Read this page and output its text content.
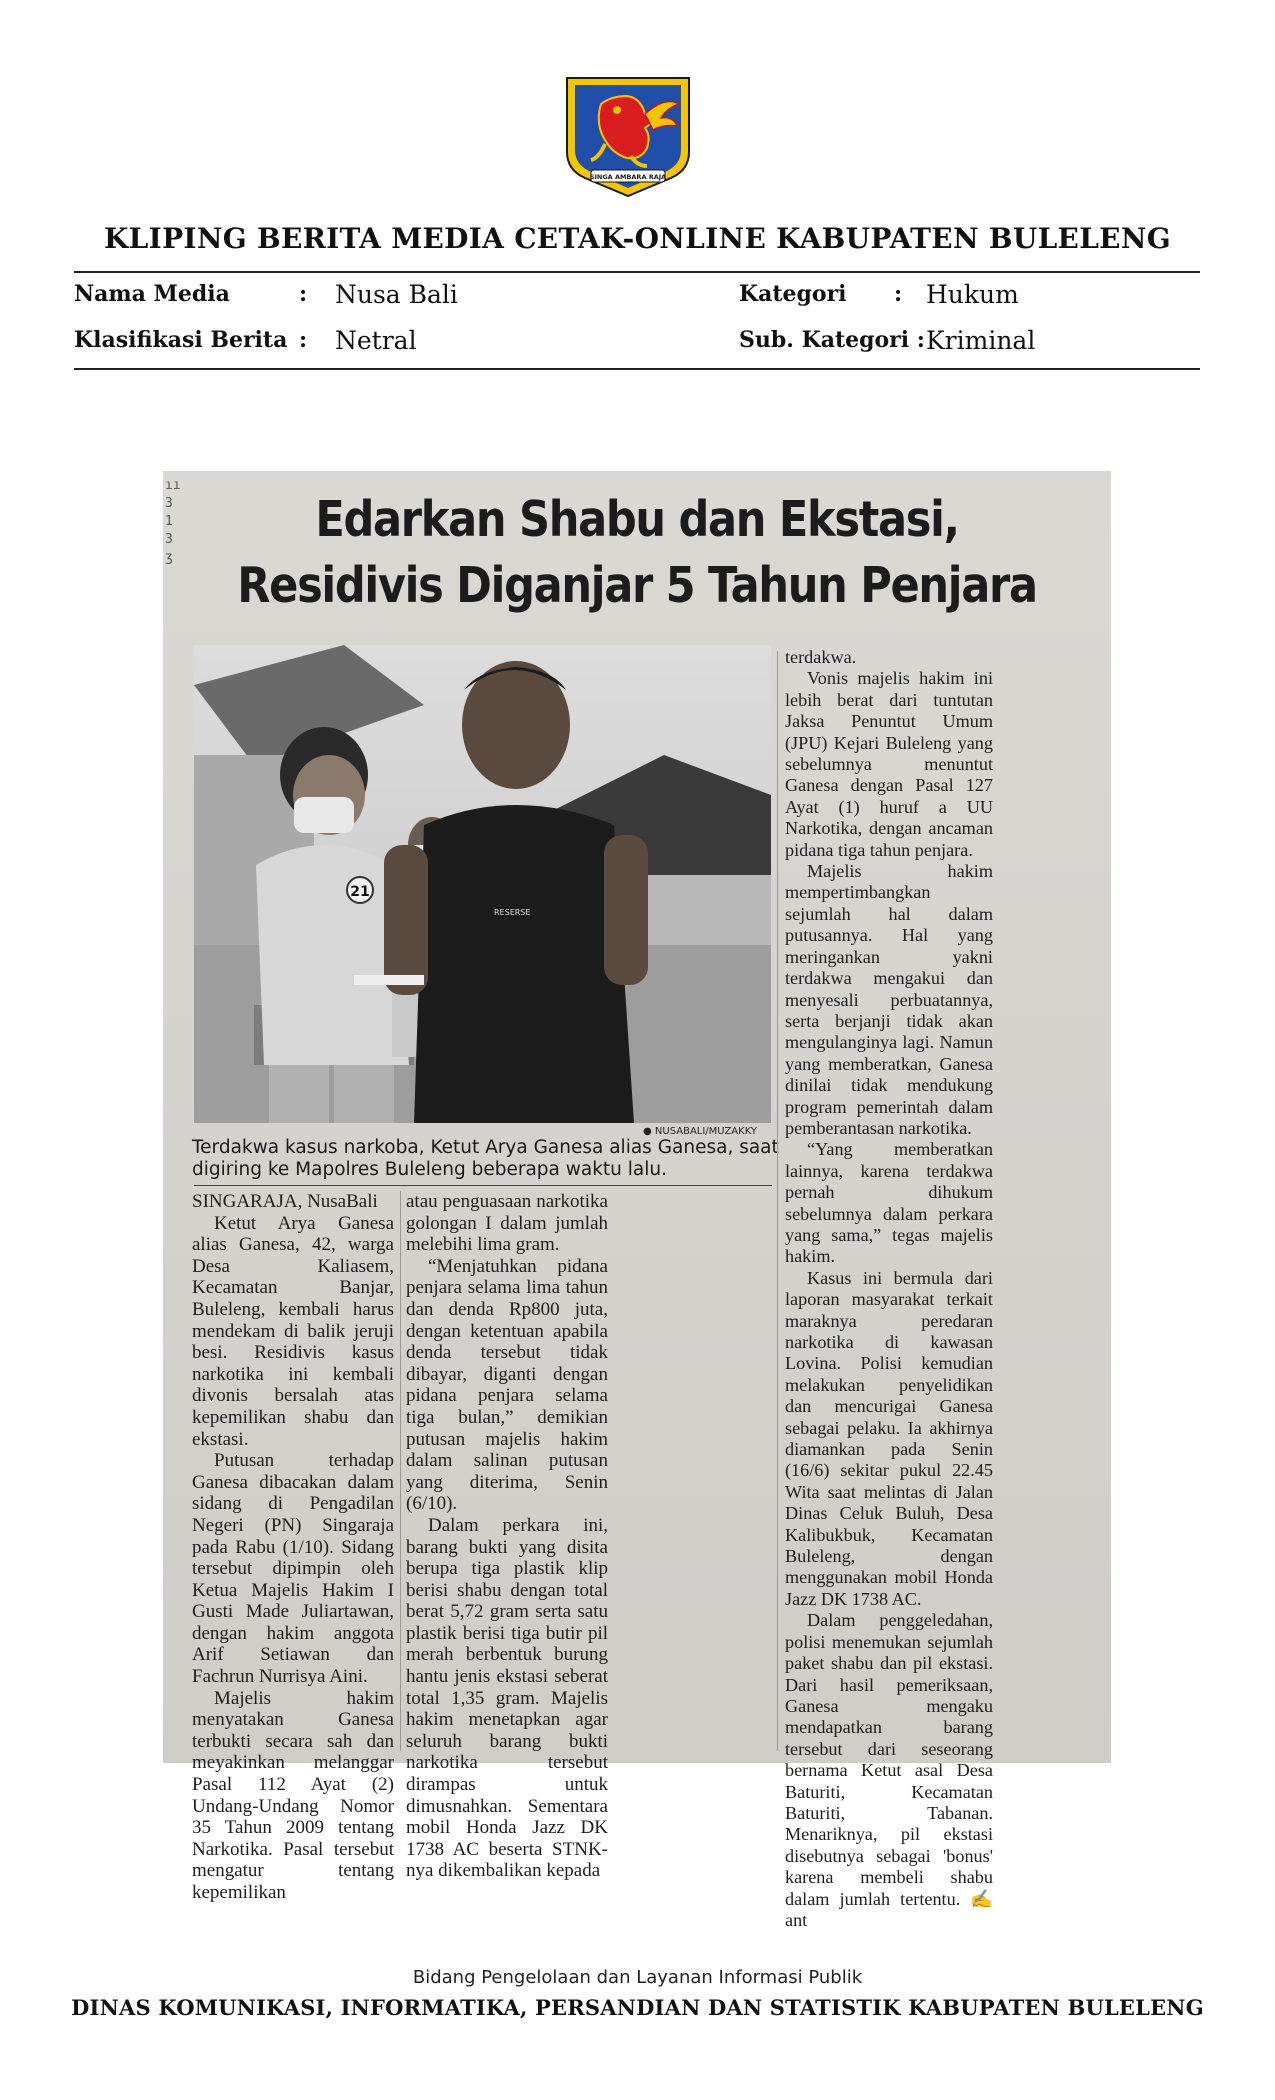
SINGA AMBARA RAJA
KLIPING BERITA MEDIA CETAK-ONLINE KABUPATEN BULELENG
Nama Media	: Nusa Bali	Kategori : Hukum
Klasifikasi Berita : Netral	Sub. Kategori : Kriminal
ıı
3
1
3
ʒ
Edarkan Shabu dan Ekstasi,
Residivis Diganjar 5 Tahun Penjara
21
RESERSE
● NUSABALI/MUZAKKY
Terdakwa kasus narkoba, Ketut Arya Ganesa alias Ganesa, saat digiring ke Mapolres Buleleng beberapa waktu lalu.

SINGARAJA, NusaBali

Ketut Arya Ganesa alias Ganesa, 42, warga Desa Kaliasem, Kecamatan Banjar, Buleleng, kembali harus mendekam di balik jeruji besi. Residivis kasus narkotika ini kembali divonis bersalah atas kepemilikan shabu dan ekstasi.

Putusan terhadap Ganesa dibacakan dalam sidang di Pengadilan Negeri (PN) Singaraja pada Rabu (1/10). Sidang tersebut dipimpin oleh Ketua Majelis Hakim I Gusti Made Juliartawan, dengan hakim anggota Arif Setiawan dan Fachrun Nurrisya Aini.

Majelis hakim menyatakan Ganesa terbukti secara sah dan meyakinkan melanggar Pasal 112 Ayat (2) Undang-Undang Nomor 35 Tahun 2009 tentang Narkotika. Pasal tersebut mengatur tentang kepemilikan

atau penguasaan narkotika golongan I dalam jumlah melebihi lima gram.

“Menjatuhkan pidana penjara selama lima tahun dan denda Rp800 juta, dengan ketentuan apabila denda tersebut tidak dibayar, diganti dengan pidana penjara selama tiga bulan,” demikian putusan majelis hakim dalam salinan putusan yang diterima, Senin (6/10).

Dalam perkara ini, barang bukti yang disita berupa tiga plastik klip berisi shabu dengan total berat 5,72 gram serta satu plastik berisi tiga butir pil merah berbentuk burung hantu jenis ekstasi seberat total 1,35 gram. Majelis hakim menetapkan agar seluruh barang bukti narkotika tersebut dirampas untuk dimusnahkan. Sementara mobil Honda Jazz DK 1738 AC beserta STNK-nya dikembalikan kepada

terdakwa.

Vonis majelis hakim ini lebih berat dari tuntutan Jaksa Penuntut Umum (JPU) Kejari Buleleng yang sebelumnya menuntut Ganesa dengan Pasal 127 Ayat (1) huruf a UU Narkotika, dengan ancaman pidana tiga tahun penjara.

Majelis hakim mempertimbangkan sejumlah hal dalam putusannya. Hal yang meringankan yakni terdakwa mengakui dan menyesali perbuatannya, serta berjanji tidak akan mengulanginya lagi. Namun yang memberatkan, Ganesa dinilai tidak mendukung program pemerintah dalam pemberantasan narkotika.

“Yang memberatkan lainnya, karena terdakwa pernah dihukum sebelumnya dalam perkara yang sama,” tegas majelis hakim.

Kasus ini bermula dari laporan masyarakat terkait maraknya peredaran narkotika di kawasan Lovina. Polisi kemudian melakukan penyelidikan dan mencurigai Ganesa sebagai pelaku. Ia akhirnya diamankan pada Senin (16/6) sekitar pukul 22.45 Wita saat melintas di Jalan Dinas Celuk Buluh, Desa Kalibukbuk, Kecamatan Buleleng, dengan menggunakan mobil Honda Jazz DK 1738 AC.

Dalam penggeledahan, polisi menemukan sejumlah paket shabu dan pil ekstasi. Dari hasil pemeriksaan, Ganesa mengaku mendapatkan barang tersebut dari seseorang bernama Ketut asal Desa Baturiti, Kecamatan Baturiti, Tabanan. Menariknya, pil ekstasi disebutnya sebagai 'bonus' karena membeli shabu dalam jumlah tertentu. ✍ ant

Bidang Pengelolaan dan Layanan Informasi Publik
DINAS KOMUNIKASI, INFORMATIKA, PERSANDIAN DAN STATISTIK KABUPATEN BULELENG
